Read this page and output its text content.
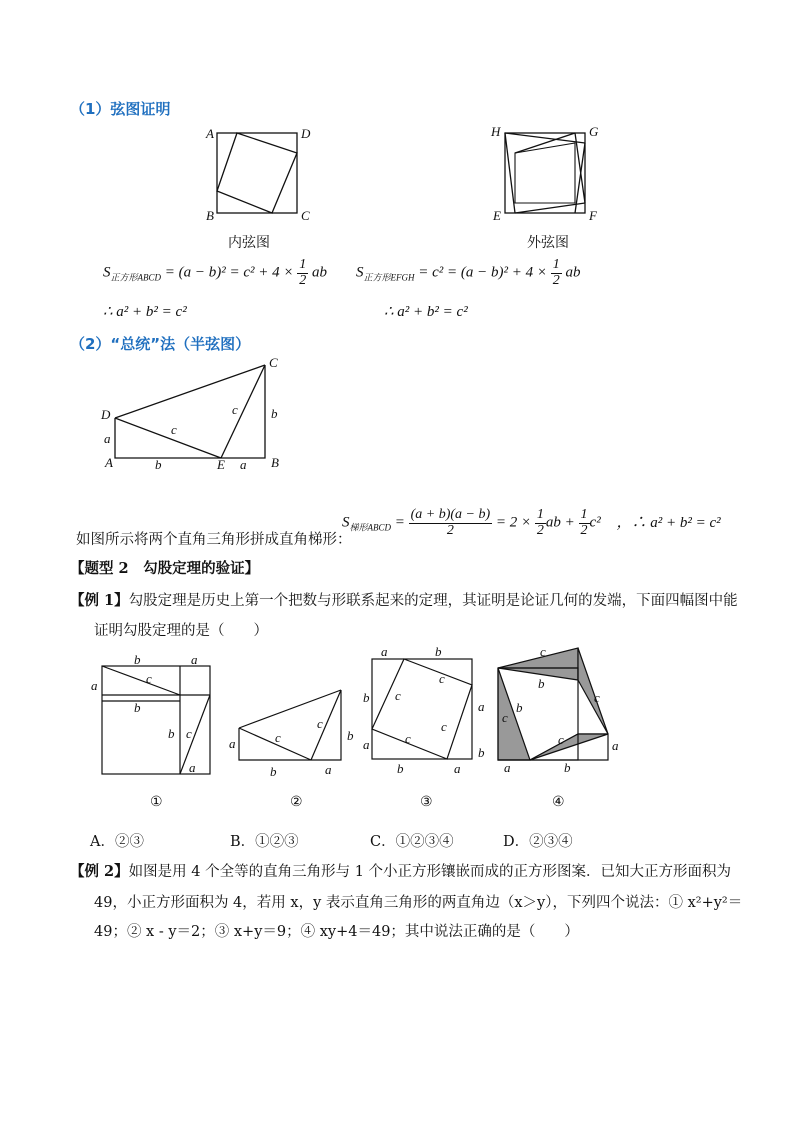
（1）弦图证明
A	D
B	C
内弦图
H	G
E	F
外弦图
$S_{正方形ABCD} = (a - b)^2 = c^2 + 4 \times \frac{1}{2}$ ab
∴ a² + b² = c²
$S_{正方形EFGH} = c^2 = (a - b)^2 + 4 \times \frac{1}{2}$ ab
∴ a² + b² = c²
（2）“总统”法（半弦图）
C
D
A	B
E
a
a
b
b
c
c
如图所示将两个直角三角形拼成直角梯形：
$S_{梯形ABCD} = \frac{(a + b)(a - b)}{2} = 2 \times \frac{1}{2}$ ab + $\frac{1}{2} c^2$ ，∴ a² + b² = c²
【题型 2　勾股定理的验证】
【例 1】勾股定理是历史上第一个把数与形联系起来的定理，其证明是论证几何的发端，下面四幅图中能
证明勾股定理的是（　　）
b	a
a	c
b
b c
a
①
a
b	a
b
c
c
②
a	b
b
a
a
b
b	a
c
c
c
c
③
c
b
c
b
c
c
a
a	b
④
A．②③	B．①②③	C．①②③④	D．②③④
【例 2】如图是用 4 个全等的直角三角形与 1 个小正方形镶嵌而成的正方形图案．已知大正方形面积为
49，小正方形面积为 4，若用 x，y 表示直角三角形的两直角边（x＞y），下列四个说法：① x²+y²＝
49；② x - y＝2；③ x+y＝9；④ xy+4＝49；其中说法正确的是（　　）
